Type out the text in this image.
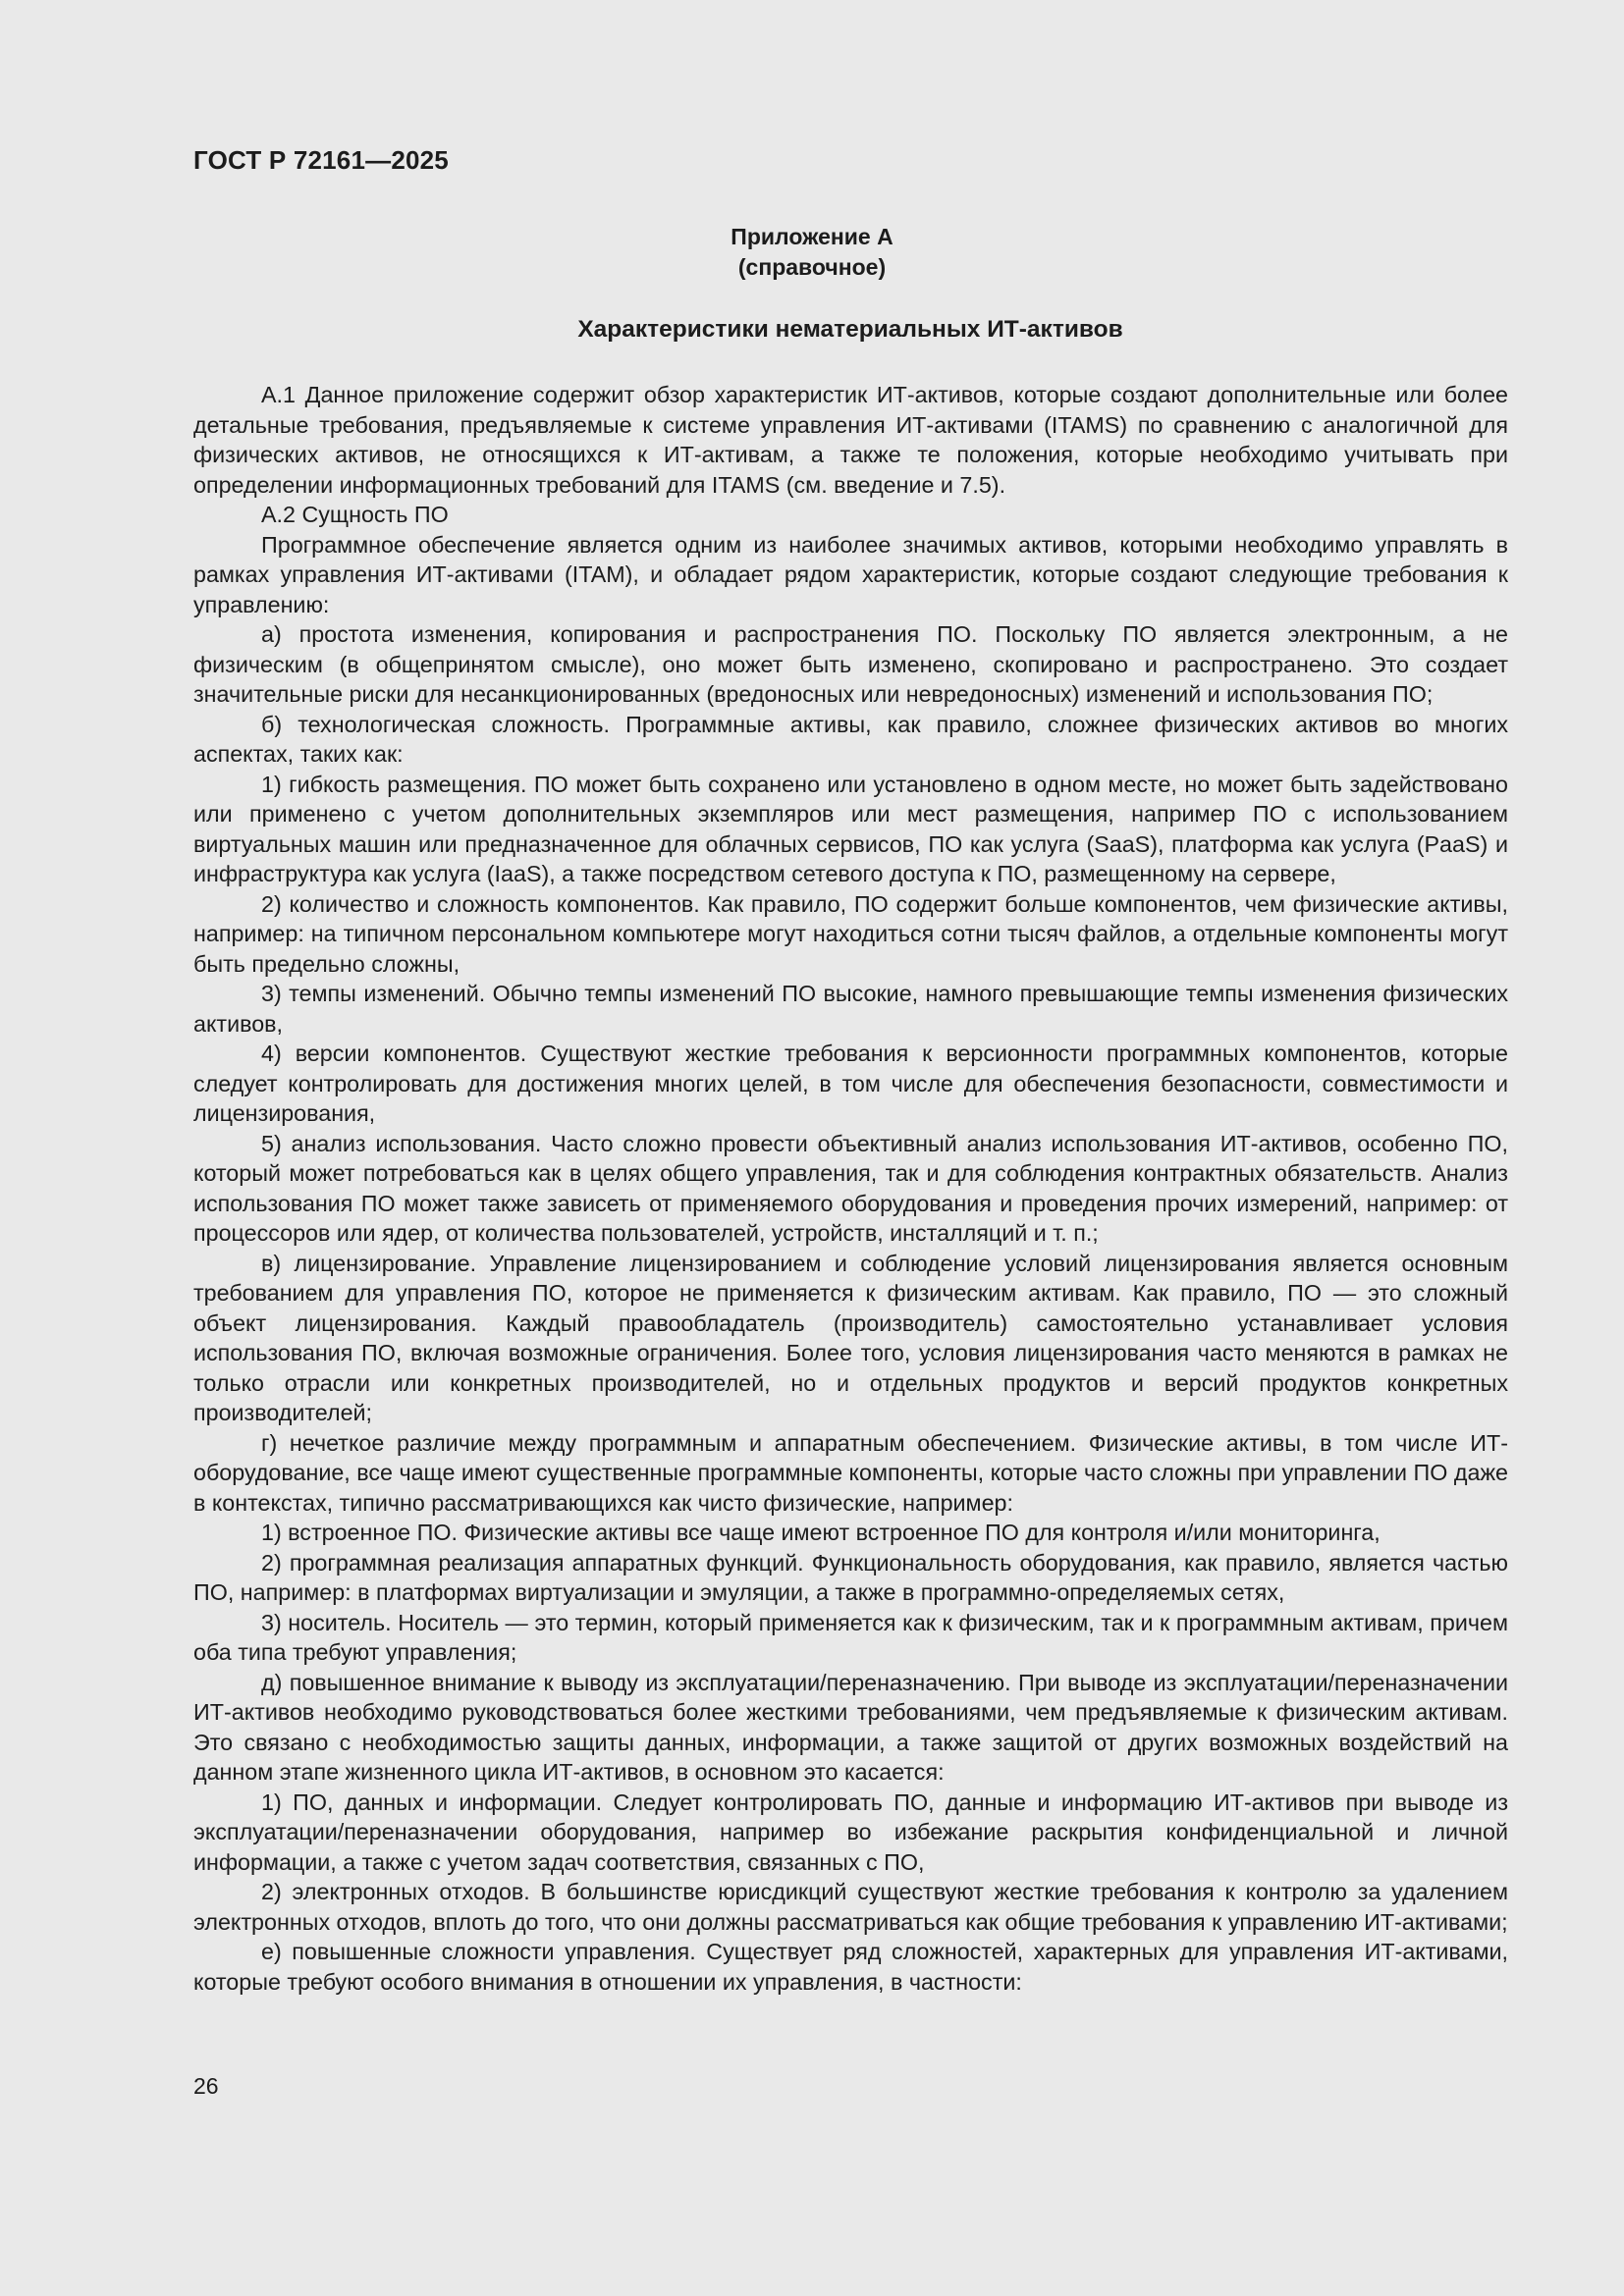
ГОСТ Р 72161—2025
Приложение А
(справочное)
Характеристики нематериальных ИТ-активов

А.1 Данное приложение содержит обзор характеристик ИТ-активов, которые создают дополнительные или более детальные требования, предъявляемые к системе управления ИТ-активами (ITAMS) по сравнению с аналогичной для физических активов, не относящихся к ИТ-активам, а также те положения, которые необходимо учитывать при определении информационных требований для ITAMS (см. введение и 7.5).

А.2 Сущность ПО

Программное обеспечение является одним из наиболее значимых активов, которыми необходимо управлять в рамках управления ИТ-активами (ITAM), и обладает рядом характеристик, которые создают следующие требования к управлению:

а) простота изменения, копирования и распространения ПО. Поскольку ПО является электронным, а не физическим (в общепринятом смысле), оно может быть изменено, скопировано и распространено. Это создает значительные риски для несанкционированных (вредоносных или невредоносных) изменений и использования ПО;

б) технологическая сложность. Программные активы, как правило, сложнее физических активов во многих аспектах, таких как:

1) гибкость размещения. ПО может быть сохранено или установлено в одном месте, но может быть задействовано или применено с учетом дополнительных экземпляров или мест размещения, например ПО с использованием виртуальных машин или предназначенное для облачных сервисов, ПО как услуга (SaaS), платформа как услуга (PaaS) и инфраструктура как услуга (IaaS), а также посредством сетевого доступа к ПО, размещенному на сервере,

2) количество и сложность компонентов. Как правило, ПО содержит больше компонентов, чем физические активы, например: на типичном персональном компьютере могут находиться сотни тысяч файлов, а отдельные компоненты могут быть предельно сложны,

3) темпы изменений. Обычно темпы изменений ПО высокие, намного превышающие темпы изменения физических активов,

4) версии компонентов. Существуют жесткие требования к версионности программных компонентов, которые следует контролировать для достижения многих целей, в том числе для обеспечения безопасности, совместимости и лицензирования,

5) анализ использования. Часто сложно провести объективный анализ использования ИТ-активов, особенно ПО, который может потребоваться как в целях общего управления, так и для соблюдения контрактных обязательств. Анализ использования ПО может также зависеть от применяемого оборудования и проведения прочих измерений, например: от процессоров или ядер, от количества пользователей, устройств, инсталляций и т. п.;

в) лицензирование. Управление лицензированием и соблюдение условий лицензирования является основным требованием для управления ПО, которое не применяется к физическим активам. Как правило, ПО — это сложный объект лицензирования. Каждый правообладатель (производитель) самостоятельно устанавливает условия использования ПО, включая возможные ограничения. Более того, условия лицензирования часто меняются в рамках не только отрасли или конкретных производителей, но и отдельных продуктов и версий продуктов конкретных производителей;

г) нечеткое различие между программным и аппаратным обеспечением. Физические активы, в том числе ИТ-оборудование, все чаще имеют существенные программные компоненты, которые часто сложны при управлении ПО даже в контекстах, типично рассматривающихся как чисто физические, например:

1) встроенное ПО. Физические активы все чаще имеют встроенное ПО для контроля и/или мониторинга,

2) программная реализация аппаратных функций. Функциональность оборудования, как правило, является частью ПО, например: в платформах виртуализации и эмуляции, а также в программно-определяемых сетях,

3) носитель. Носитель — это термин, который применяется как к физическим, так и к программным активам, причем оба типа требуют управления;

д) повышенное внимание к выводу из эксплуатации/переназначению. При выводе из эксплуатации/переназначении ИТ-активов необходимо руководствоваться более жесткими требованиями, чем предъявляемые к физическим активам. Это связано с необходимостью защиты данных, информации, а также защитой от других возможных воздействий на данном этапе жизненного цикла ИТ-активов, в основном это касается:

1) ПО, данных и информации. Следует контролировать ПО, данные и информацию ИТ-активов при выводе из эксплуатации/переназначении оборудования, например во избежание раскрытия конфиденциальной и личной информации, а также с учетом задач соответствия, связанных с ПО,

2) электронных отходов. В большинстве юрисдикций существуют жесткие требования к контролю за удалением электронных отходов, вплоть до того, что они должны рассматриваться как общие требования к управлению ИТ-активами;

е) повышенные сложности управления. Существует ряд сложностей, характерных для управления ИТ-активами, которые требуют особого внимания в отношении их управления, в частности:

26
